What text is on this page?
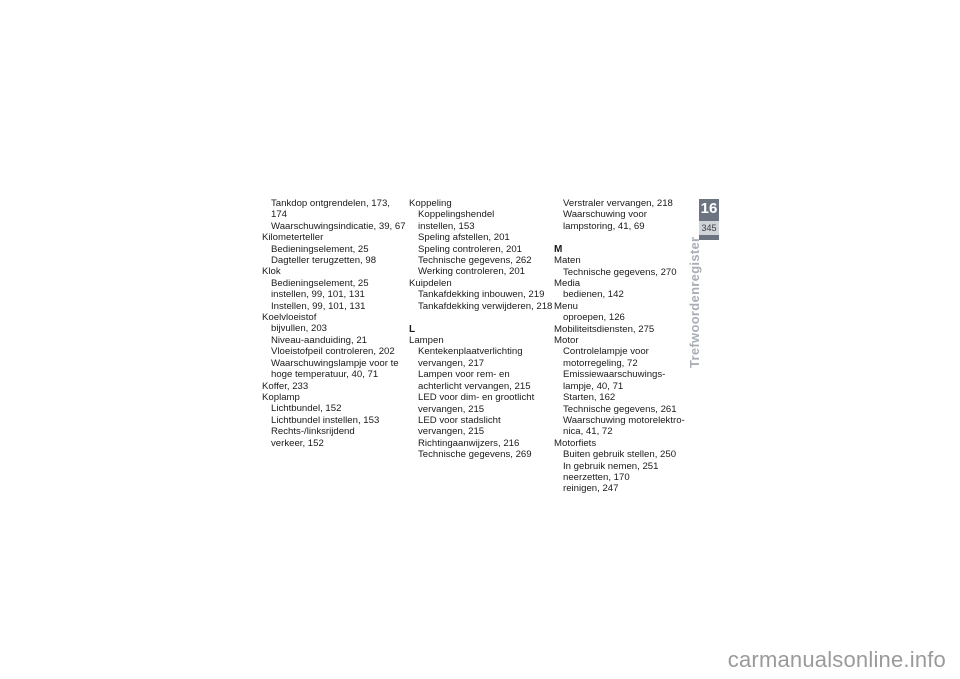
Tankdop ontgrendelen, 173,
174
Waarschuwingsindicatie, 39, 67
Kilometerteller
Bedieningselement, 25
Dagteller terugzetten, 98
Klok
Bedieningselement, 25
instellen, 99, 101, 131
Instellen, 99, 101, 131
Koelvloeistof
bijvullen, 203
Niveau-aanduiding, 21
Vloeistofpeil controleren, 202
Waarschuwingslampje voor te
hoge temperatuur, 40, 71
Koffer, 233
Koplamp
Lichtbundel, 152
Lichtbundel instellen, 153
Rechts-/linksrijdend
verkeer, 152
Koppeling
Koppelingshendel
instellen, 153
Speling afstellen, 201
Speling controleren, 201
Technische gegevens, 262
Werking controleren, 201
Kuipdelen
Tankafdekking inbouwen, 219
Tankafdekking verwijderen, 218
L
Lampen
Kentekenplaatverlichting
vervangen, 217
Lampen voor rem- en
achterlicht vervangen, 215
LED voor dim- en grootlicht
vervangen, 215
LED voor stadslicht
vervangen, 215
Richtingaanwijzers, 216
Technische gegevens, 269
Verstraler vervangen, 218
Waarschuwing voor
lampstoring, 41, 69
M
Maten
Technische gegevens, 270
Media
bedienen, 142
Menu
oproepen, 126
Mobiliteitsdiensten, 275
Motor
Controlelampje voor
motorregeling, 72
Emissiewaarschuwings-
lampje, 40, 71
Starten, 162
Technische gegevens, 261
Waarschuwing motorelektro-
nica, 41, 72
Motorfiets
Buiten gebruik stellen, 250
In gebruik nemen, 251
neerzetten, 170
reinigen, 247
16
345
Trefwoordenregister
carmanualsonline.info
